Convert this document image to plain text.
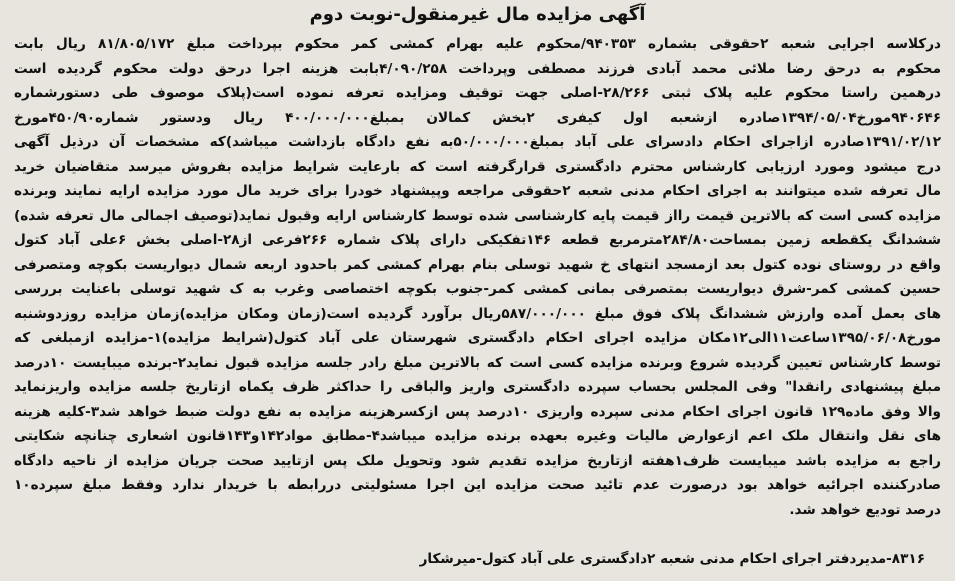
آگهی مزایده مال غیرمنقول-نوبت دوم
درکلاسه اجرایی شعبه ۲حقوقی بشماره ۹۴۰۳۵۳/محکوم علیه بهرام کمشی کمر محکوم بپرداخت مبلغ ۸۱/۸۰۵/۱۷۲ ریال بابت
محکوم به درحق رضا ملائی محمد آبادی فرزند مصطفی وپرداخت ۴/۰۹۰/۲۵۸بابت هزینه اجرا درحق دولت محکوم گردیده است
درهمین راستا محکوم علیه پلاک ثبتی ۲۸/۲۶۶-اصلی جهت توقیف ومزایده تعرفه نموده است(پلاک موصوف طی دستورشماره
۹۴۰۶۴۶مورخ۱۳۹۴/۰۵/۰۴صادره ازشعبه اول کیفری ۲بخش کمالان بمبلغ۴۰۰/۰۰۰/۰۰۰ ریال ودستور شماره۴۵۰/۹۰مورخ
۱۳۹۱/۰۲/۱۲صادره ازاجرای احکام دادسرای علی آباد بمبلغ۵۰/۰۰۰/۰۰۰به نفع دادگاه بازداشت میباشد)که مشخصات آن درذیل آگهی
درج میشود ومورد ارزیابی کارشناس محترم دادگستری قرارگرفته است که بارعایت شرایط مزایده بفروش میرسد متقاضیان خرید
مال تعرفه شده میتوانند به اجرای احکام مدنی شعبه ۲حقوقی مراجعه وپیشنهاد خودرا برای خرید مال مورد مزایده ارایه نمایند وبرنده
مزایده کسی است که بالاترین قیمت رااز قیمت پایه کارشناسی شده توسط کارشناس ارایه وقبول نماید(توصیف اجمالی مال تعرفه شده)
ششدانگ یکقطعه زمین بمساحت۲۸۴/۸۰مترمربع قطعه ۱۴۶تفکیکی دارای پلاک شماره ۲۶۶فرعی از۲۸-اصلی بخش ۶علی آباد کتول
واقع در روستای نوده کتول بعد ازمسجد انتهای خ شهید توسلی بنام بهرام کمشی کمر باحدود اربعه شمال دیواریست بکوچه ومتصرفی
حسین کمشی کمر-شرق دیواریست بمتصرفی بمانی کمشی کمر-جنوب بکوچه اختصاصی وغرب به ک شهید توسلی باعنایت بررسی
های بعمل آمده وارزش ششدانگ پلاک فوق مبلغ ۵۸۷/۰۰۰/۰۰۰ریال برآورد گردیده است(زمان ومکان مزایده)زمان مزایده روزدوشنبه
مورخ۱۳۹۵/۰۶/۰۸ساعت۱۱الی۱۲مکان مزایده اجرای احکام دادگستری شهرستان علی آباد کتول(شرایط مزایده)۱-مزایده ازمبلغی که
توسط کارشناس تعیین گردیده شروع وبرنده مزایده کسی است که بالاترین مبلغ رادر جلسه مزایده قبول نماید۲-برنده میبایست ۱۰درصد
مبلغ پیشنهادی رانقدا" وفی المجلس بحساب سپرده دادگستری واریز والباقی را حداکثر ظرف یکماه ازتاریخ جلسه مزایده واریزنماید
والا وفق ماده۱۲۹ قانون اجرای احکام مدنی سپرده واریزی ۱۰درصد پس ازکسرهزینه مزایده به نفع دولت ضبط خواهد شد۳-کلیه هزینه
های نقل وانتقال ملک اعم ازعوارض مالیات وغیره بعهده برنده مزایده میباشد۴-مطابق مواد۱۴۲و۱۴۳قانون اشعاری چنانچه شکایتی
راجع به مزایده باشد میبایست ظرف۱هفته ازتاریخ مزایده تقدیم شود وتحویل ملک پس ازتایید صحت جریان مزایده از ناحیه دادگاه
صادرکننده اجرائیه خواهد بود درصورت عدم تائید صحت مزایده این اجرا مسئولیتی دررابطه با خریدار ندارد وفقط مبلغ سپرده۱۰
درصد تودیع خواهد شد.
۸۳۱۶-مدیردفتر اجرای احکام مدنی شعبه ۲دادگستری علی آباد کتول-میرشکار
